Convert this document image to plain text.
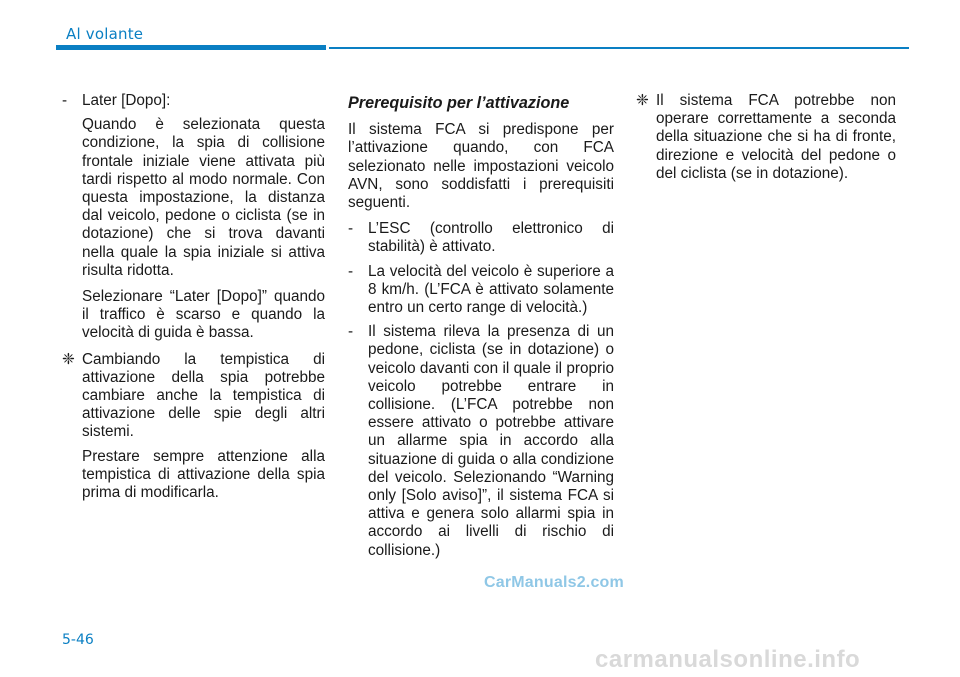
Al volante
- Later [Dopo]:
Quando è selezionata questa condizione, la spia di collisione frontale iniziale viene attivata più tardi rispetto al modo normale. Con questa impostazione, la distanza dal veicolo, pedone o ciclista (se in dotazione) che si trova davanti nella quale la spia iniziale si attiva risulta ridotta.
Selezionare “Later [Dopo]” quando il traffico è scarso e quando la velocità di guida è bassa.
❈ Cambiando la tempistica di attivazione della spia potrebbe cambiare anche la tempistica di attivazione delle spie degli altri sistemi.
Prestare sempre attenzione alla tempistica di attivazione della spia prima di modificarla.
Prerequisito per l’attivazione
Il sistema FCA si predispone per l’attivazione quando, con FCA selezionato nelle impostazioni veicolo AVN, sono soddisfatti i prerequisiti seguenti.
- L’ESC (controllo elettronico di stabilità) è attivato.
- La velocità del veicolo è superiore a 8 km/h. (L’FCA è attivato solamente entro un certo range di velocità.)
- Il sistema rileva la presenza di un pedone, ciclista (se in dotazione) o veicolo davanti con il quale il proprio veicolo potrebbe entrare in collisione. (L’FCA potrebbe non essere attivato o potrebbe attivare un allarme spia in accordo alla situazione di guida o alla condizione del veicolo. Selezionando “Warning only [Solo aviso]”, il sistema FCA si attiva e genera solo allarmi spia in accordo ai livelli di rischio di collisione.)
❈ Il sistema FCA potrebbe non operare correttamente a seconda della situazione che si ha di fronte, direzione e velocità del pedone o del ciclista (se in dotazione).
CarManuals2.com
5-46
carmanualsonline.info
